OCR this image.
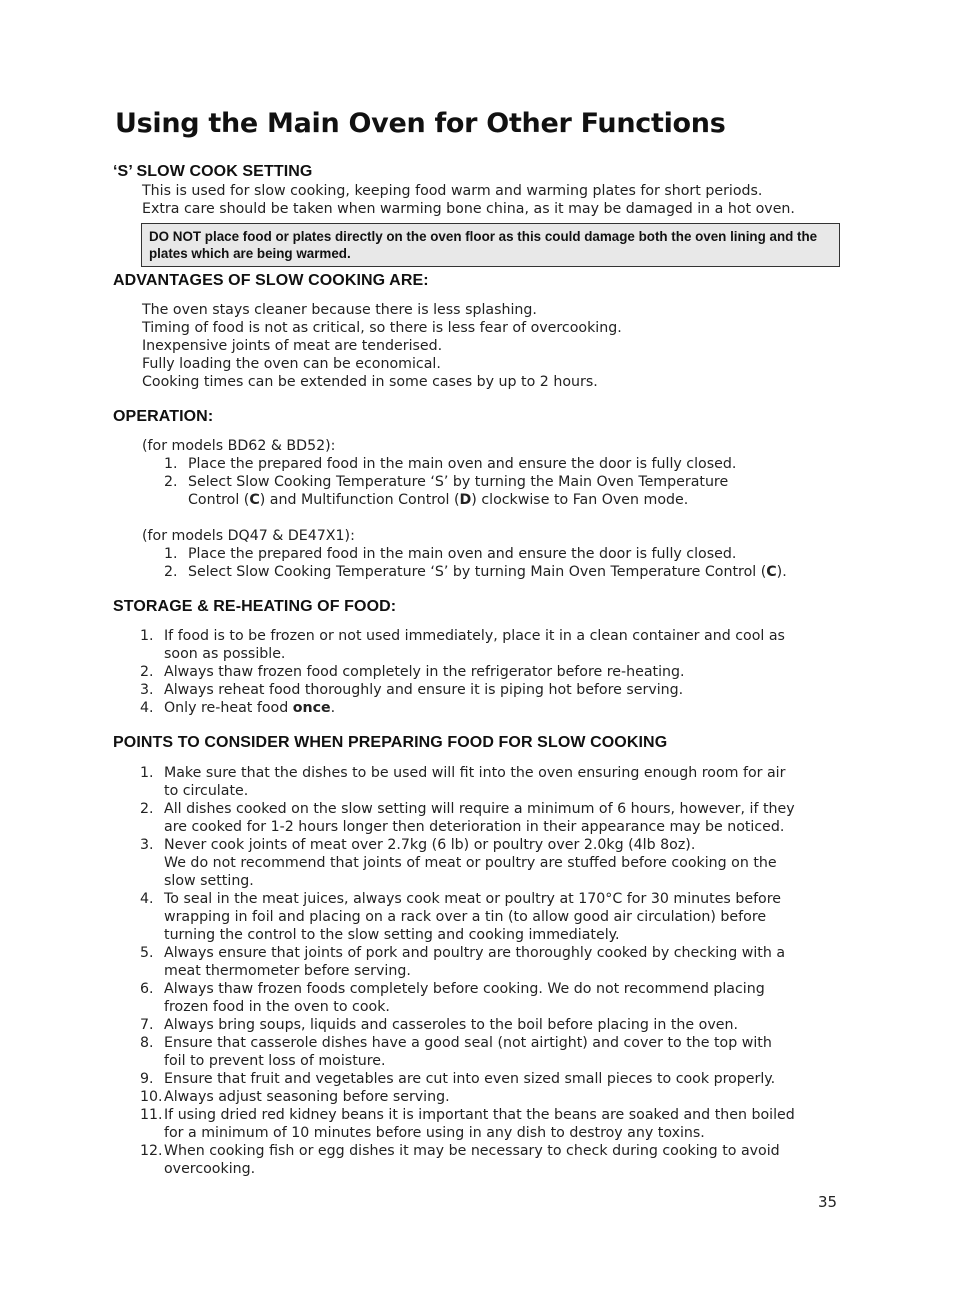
Using the Main Oven for Other Functions
‘S’ SLOW COOK SETTING
This is used for slow cooking, keeping food warm and warming plates for short periods.
Extra care should be taken when warming bone china, as it may be damaged in a hot oven.
DO NOT place food or plates directly on the oven floor as this could damage both the oven lining and the plates which are being warmed.
ADVANTAGES OF SLOW COOKING ARE:
The oven stays cleaner because there is less splashing.
Timing of food is not as critical, so there is less fear of overcooking.
Inexpensive joints of meat are tenderised.
Fully loading the oven can be economical.
Cooking times can be extended in some cases by up to 2 hours.
OPERATION:
(for models BD62 & BD52):
1. Place the prepared food in the main oven and ensure the door is fully closed.
2. Select Slow Cooking Temperature ‘S’ by turning the Main Oven Temperature
Control (C) and Multifunction Control (D) clockwise to Fan Oven mode.
(for models DQ47 & DE47X1):
1. Place the prepared food in the main oven and ensure the door is fully closed.
2. Select Slow Cooking Temperature ‘S’ by turning Main Oven Temperature Control (C).
STORAGE & RE-HEATING OF FOOD:
1. If food is to be frozen or not used immediately, place it in a clean container and cool as
soon as possible.
2. Always thaw frozen food completely in the refrigerator before re-heating.
3. Always reheat food thoroughly and ensure it is piping hot before serving.
4. Only re-heat food once.
POINTS TO CONSIDER WHEN PREPARING FOOD FOR SLOW COOKING
1. Make sure that the dishes to be used will fit into the oven ensuring enough room for air
to circulate.
2. All dishes cooked on the slow setting will require a minimum of 6 hours, however, if they
are cooked for 1-2 hours longer then deterioration in their appearance may be noticed.
3. Never cook joints of meat over 2.7kg (6 lb) or poultry over 2.0kg (4lb 8oz).
We do not recommend that joints of meat or poultry are stuffed before cooking on the
slow setting.
4. To seal in the meat juices, always cook meat or poultry at 170°C for 30 minutes before
wrapping in foil and placing on a rack over a tin (to allow good air circulation) before
turning the control to the slow setting and cooking immediately.
5. Always ensure that joints of pork and poultry are thoroughly cooked by checking with a
meat thermometer before serving.
6. Always thaw frozen foods completely before cooking. We do not recommend placing
frozen food in the oven to cook.
7. Always bring soups, liquids and casseroles to the boil before placing in the oven.
8. Ensure that casserole dishes have a good seal (not airtight) and cover to the top with
foil to prevent loss of moisture.
9. Ensure that fruit and vegetables are cut into even sized small pieces to cook properly.
10. Always adjust seasoning before serving.
11. If using dried red kidney beans it is important that the beans are soaked and then boiled
for a minimum of 10 minutes before using in any dish to destroy any toxins.
12. When cooking fish or egg dishes it may be necessary to check during cooking to avoid
overcooking.
35
